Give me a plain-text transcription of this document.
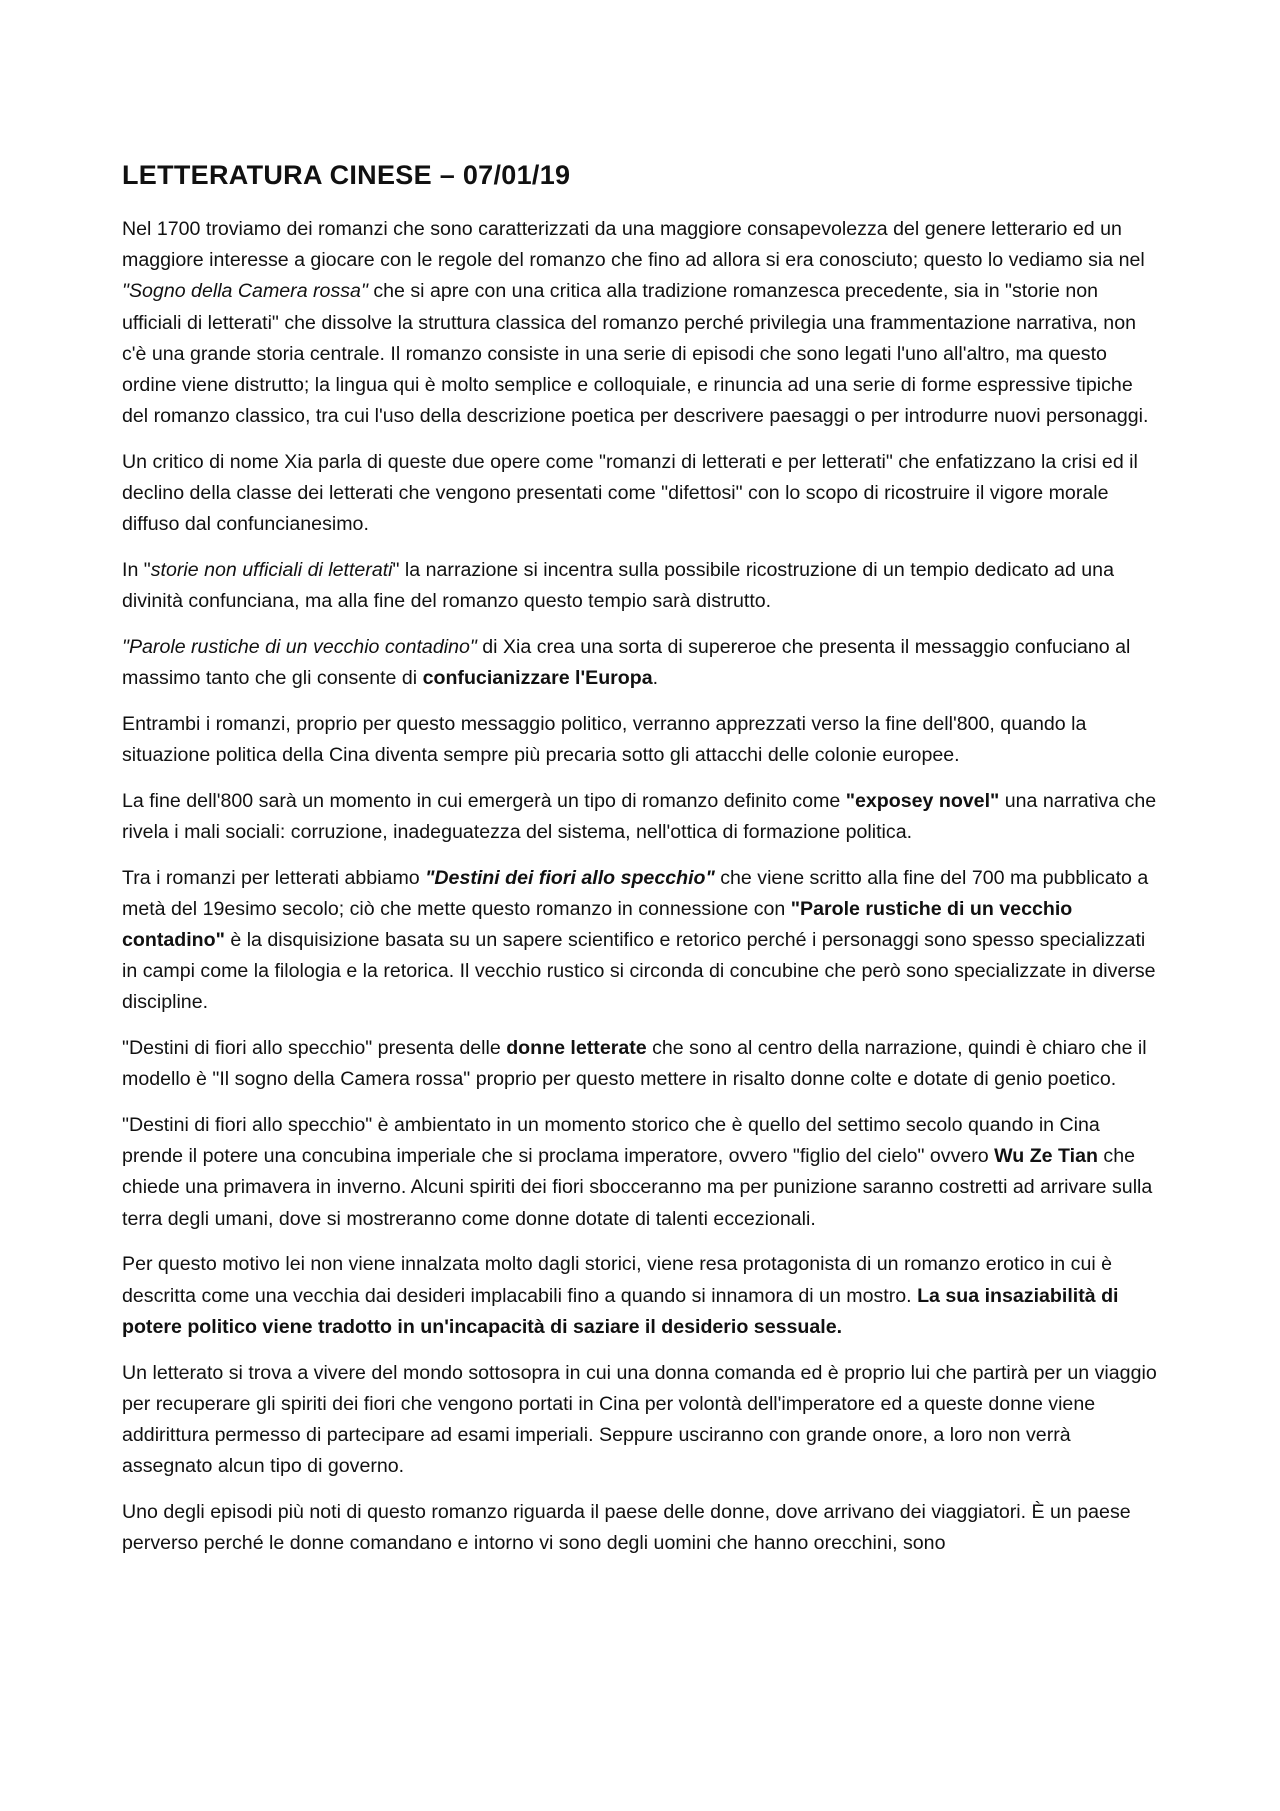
LETTERATURA CINESE – 07/01/19

Nel 1700 troviamo dei romanzi che sono caratterizzati da una maggiore consapevolezza del genere letterario ed un maggiore interesse a giocare con le regole del romanzo che fino ad allora si era conosciuto; questo lo vediamo sia nel "Sogno della Camera rossa" che si apre con una critica alla tradizione romanzesca precedente, sia in "storie non ufficiali di letterati" che dissolve la struttura classica del romanzo perché privilegia una frammentazione narrativa, non c'è una grande storia centrale. Il romanzo consiste in una serie di episodi che sono legati l'uno all'altro, ma questo ordine viene distrutto; la lingua qui è molto semplice e colloquiale, e rinuncia ad una serie di forme espressive tipiche del romanzo classico, tra cui l'uso della descrizione poetica per descrivere paesaggi o per introdurre nuovi personaggi.

Un critico di nome Xia parla di queste due opere come "romanzi di letterati e per letterati" che enfatizzano la crisi ed il declino della classe dei letterati che vengono presentati come "difettosi" con lo scopo di ricostruire il vigore morale diffuso dal confuncianesimo.

In "storie non ufficiali di letterati" la narrazione si incentra sulla possibile ricostruzione di un tempio dedicato ad una divinità confunciana, ma alla fine del romanzo questo tempio sarà distrutto.

"Parole rustiche di un vecchio contadino" di Xia crea una sorta di supereroe che presenta il messaggio confuciano al massimo tanto che gli consente di confucianizzare l'Europa.

Entrambi i romanzi, proprio per questo messaggio politico, verranno apprezzati verso la fine dell'800, quando la situazione politica della Cina diventa sempre più precaria sotto gli attacchi delle colonie europee.

La fine dell'800 sarà un momento in cui emergerà un tipo di romanzo definito come "exposey novel" una narrativa che rivela i mali sociali: corruzione, inadeguatezza del sistema, nell'ottica di formazione politica.

Tra i romanzi per letterati abbiamo "Destini dei fiori allo specchio" che viene scritto alla fine del 700 ma pubblicato a metà del 19esimo secolo; ciò che mette questo romanzo in connessione con "Parole rustiche di un vecchio contadino" è la disquisizione basata su un sapere scientifico e retorico perché i personaggi sono spesso specializzati in campi come la filologia e la retorica. Il vecchio rustico si circonda di concubine che però sono specializzate in diverse discipline.

"Destini di fiori allo specchio" presenta delle donne letterate che sono al centro della narrazione, quindi è chiaro che il modello è "Il sogno della Camera rossa" proprio per questo mettere in risalto donne colte e dotate di genio poetico.

"Destini di fiori allo specchio" è ambientato in un momento storico che è quello del settimo secolo quando in Cina prende il potere una concubina imperiale che si proclama imperatore, ovvero "figlio del cielo" ovvero Wu Ze Tian che chiede una primavera in inverno. Alcuni spiriti dei fiori sbocceranno ma per punizione saranno costretti ad arrivare sulla terra degli umani, dove si mostreranno come donne dotate di talenti eccezionali.

Per questo motivo lei non viene innalzata molto dagli storici, viene resa protagonista di un romanzo erotico in cui è descritta come una vecchia dai desideri implacabili fino a quando si innamora di un mostro. La sua insaziabilità di potere politico viene tradotto in un'incapacità di saziare il desiderio sessuale.

Un letterato si trova a vivere del mondo sottosopra in cui una donna comanda ed è proprio lui che partirà per un viaggio per recuperare gli spiriti dei fiori che vengono portati in Cina per volontà dell'imperatore ed a queste donne viene addirittura permesso di partecipare ad esami imperiali. Seppure usciranno con grande onore, a loro non verrà assegnato alcun tipo di governo.

Uno degli episodi più noti di questo romanzo riguarda il paese delle donne, dove arrivano dei viaggiatori. È un paese perverso perché le donne comandano e intorno vi sono degli uomini che hanno orecchini, sono
